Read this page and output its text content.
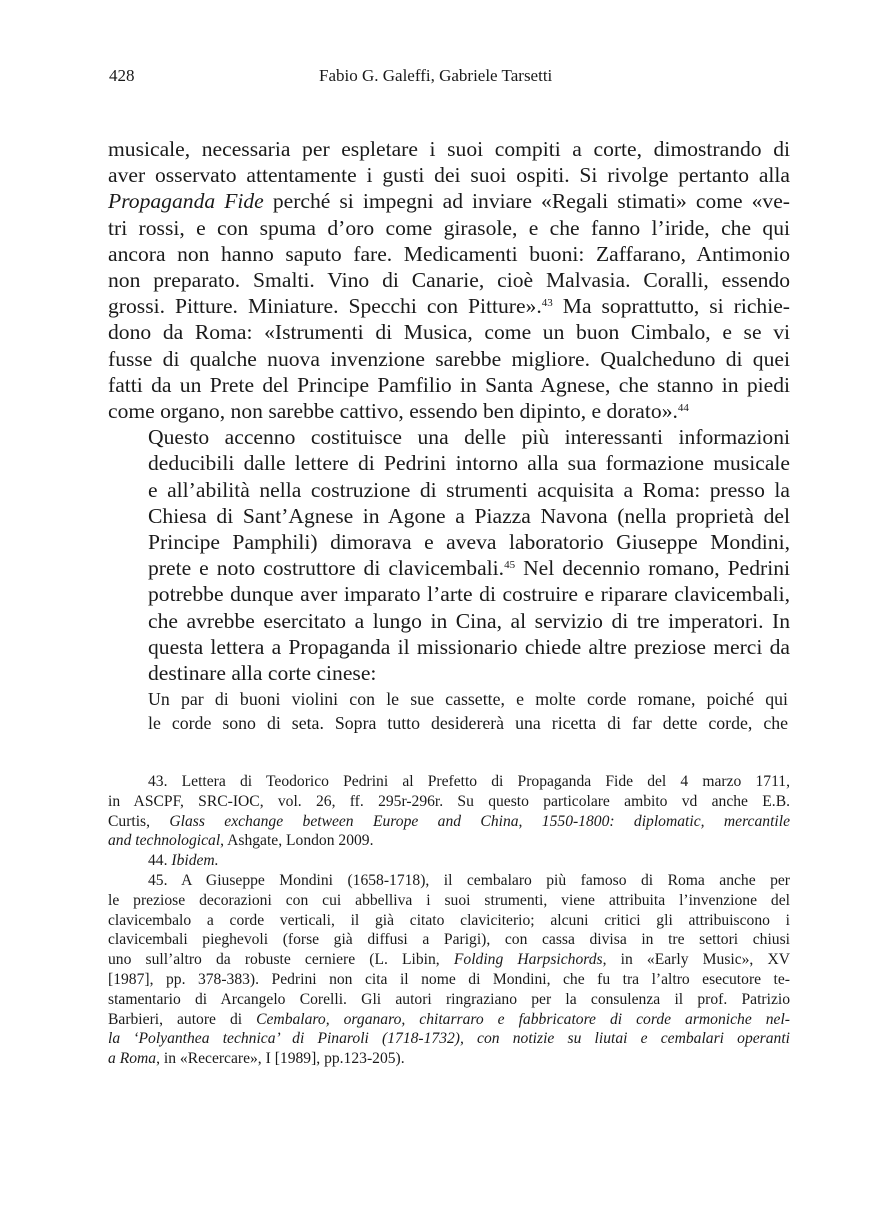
428	Fabio G. Galeffi, Gabriele Tarsetti

musicale, necessaria per espletare i suoi compiti a corte, dimostrando di
aver osservato attentamente i gusti dei suoi ospiti. Si rivolge pertanto alla
Propaganda Fide perché si impegni ad inviare «Regali stimati» come «ve-
tri rossi, e con spuma d’oro come girasole, e che fanno l’iride, che qui
ancora non hanno saputo fare. Medicamenti buoni: Zaffarano, Antimonio
non preparato. Smalti. Vino di Canarie, cioè Malvasia. Coralli, essendo
grossi. Pitture. Miniature. Specchi con Pitture».$^{43}$ Ma soprattutto, si richie-
dono da Roma: «Istrumenti di Musica, come un buon Cimbalo, e se vi
fusse di qualche nuova invenzione sarebbe migliore. Qualcheduno di quei
fatti da un Prete del Principe Pamfilio in Santa Agnese, che stanno in piedi
come organo, non sarebbe cattivo, essendo ben dipinto, e dorato».$^{44}$

Questo accenno costituisce una delle più interessanti informazioni
deducibili dalle lettere di Pedrini intorno alla sua formazione musicale
e all’abilità nella costruzione di strumenti acquisita a Roma: presso la
Chiesa di Sant’Agnese in Agone a Piazza Navona (nella proprietà del
Principe Pamphili) dimorava e aveva laboratorio Giuseppe Mondini,
prete e noto costruttore di clavicembali.$^{45}$ Nel decennio romano, Pedrini
potrebbe dunque aver imparato l’arte di costruire e riparare clavicembali,
che avrebbe esercitato a lungo in Cina, al servizio di tre imperatori. In
questa lettera a Propaganda il missionario chiede altre preziose merci da
destinare alla corte cinese:

Un par di buoni violini con le sue cassette, e molte corde romane, poiché qui
le corde sono di seta. Sopra tutto desidererà una ricetta di far dette corde, che
43. Lettera di Teodorico Pedrini al Prefetto di Propaganda Fide del 4 marzo 1711,
in ASCPF, SRC-IOC, vol. 26, ff. 295r-296r. Su questo particolare ambito vd anche E.B.
Curtis, Glass exchange between Europe and China, 1550-1800: diplomatic, mercantile
and technological, Ashgate, London 2009.
44. Ibidem.
45. A Giuseppe Mondini (1658-1718), il cembalaro più famoso di Roma anche per
le preziose decorazioni con cui abbelliva i suoi strumenti, viene attribuita l’invenzione del
clavicembalo a corde verticali, il già citato claviciterio; alcuni critici gli attribuiscono i
clavicembali pieghevoli (forse già diffusi a Parigi), con cassa divisa in tre settori chiusi
uno sull’altro da robuste cerniere (L. Libin, Folding Harpsichords, in «Early Music», XV
[1987], pp. 378-383). Pedrini non cita il nome di Mondini, che fu tra l’altro esecutore te-
stamentario di Arcangelo Corelli. Gli autori ringraziano per la consulenza il prof. Patrizio
Barbieri, autore di Cembalaro, organaro, chitarraro e fabbricatore di corde armoniche nel-
la ‘Polyanthea technica’ di Pinaroli (1718-1732), con notizie su liutai e cembalari operanti
a Roma, in «Recercare», I [1989], pp.123-205).
